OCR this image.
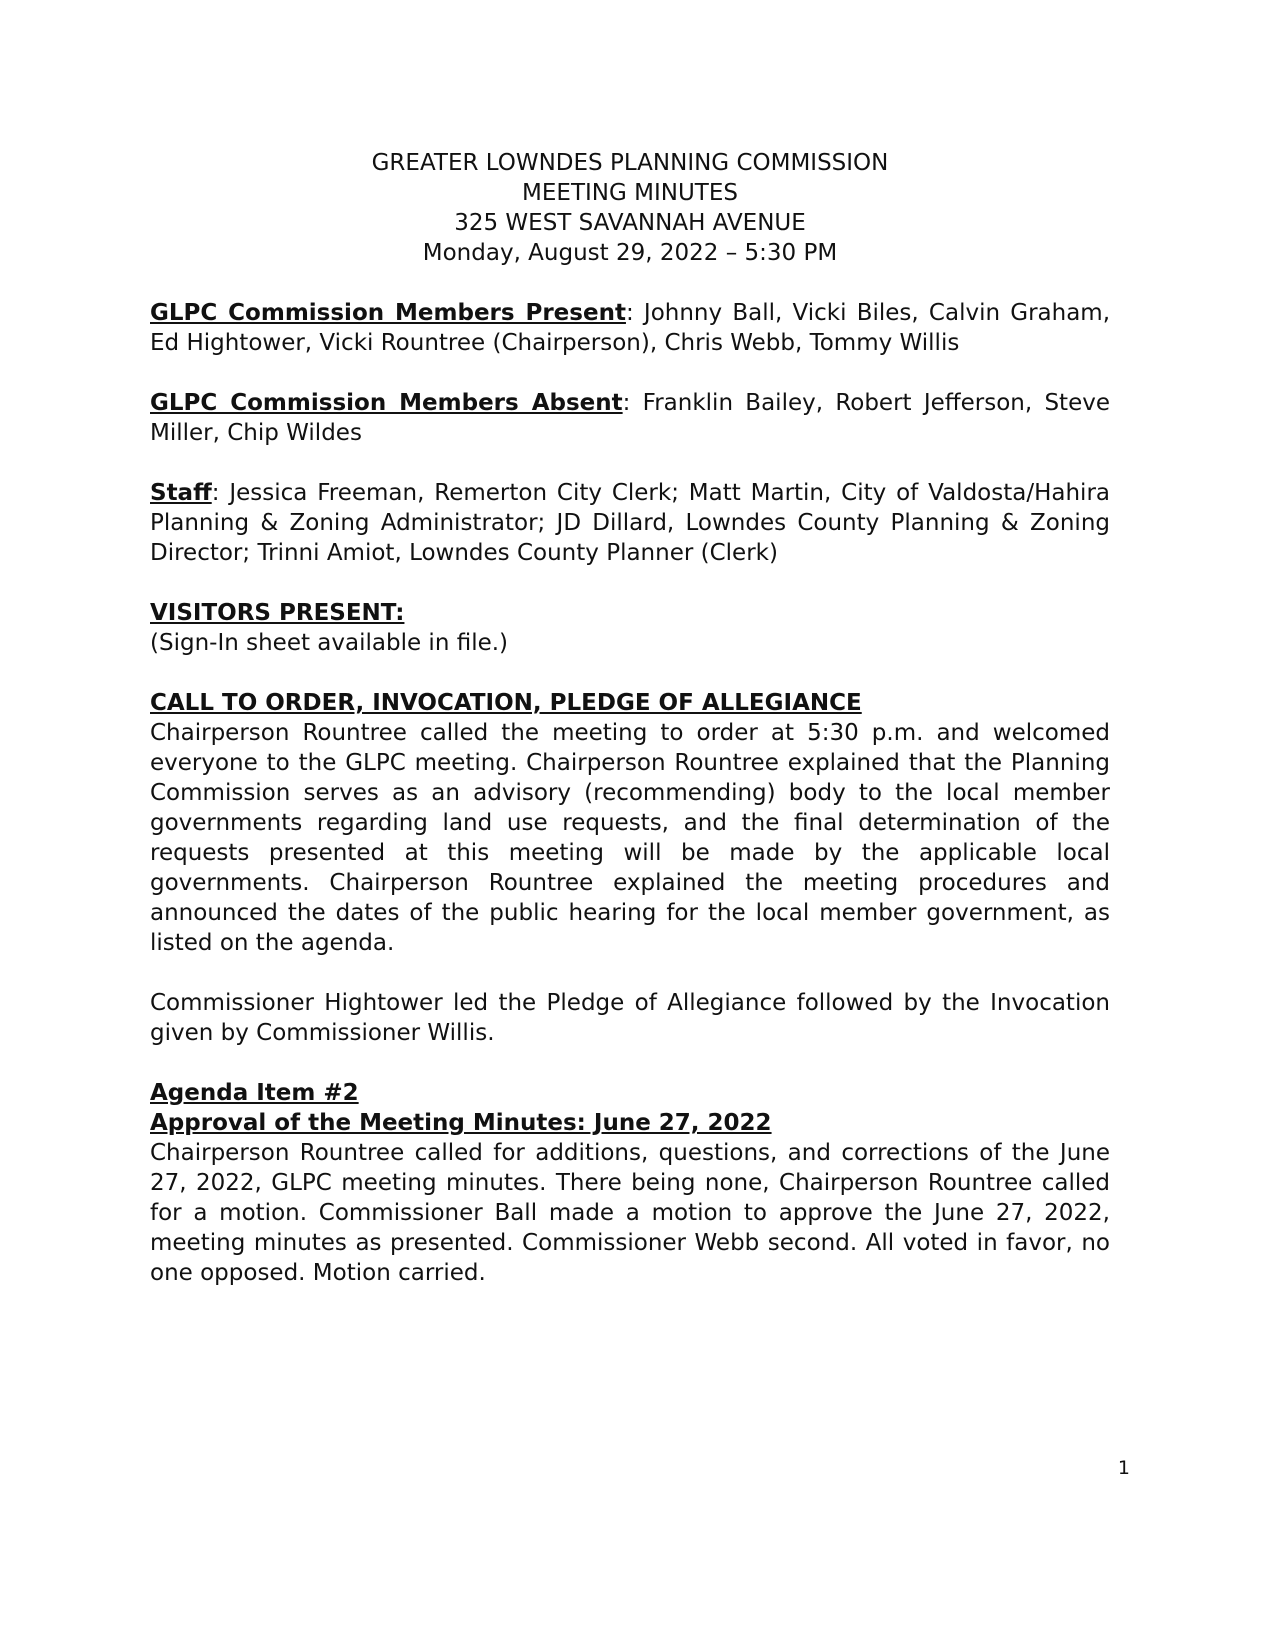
GREATER LOWNDES PLANNING COMMISSION
MEETING MINUTES
325 WEST SAVANNAH AVENUE
Monday, August 29, 2022 – 5:30 PM

GLPC Commission Members Present: Johnny Ball, Vicki Biles, Calvin Graham, Ed Hightower, Vicki Rountree (Chairperson), Chris Webb, Tommy Willis

GLPC Commission Members Absent: Franklin Bailey, Robert Jefferson, Steve Miller, Chip Wildes

Staff: Jessica Freeman, Remerton City Clerk; Matt Martin, City of Valdosta/Hahira Planning & Zoning Administrator; JD Dillard, Lowndes County Planning & Zoning Director; Trinni Amiot, Lowndes County Planner (Clerk)

VISITORS PRESENT:
(Sign-In sheet available in file.)
CALL TO ORDER, INVOCATION, PLEDGE OF ALLEGIANCE

Chairperson Rountree called the meeting to order at 5:30 p.m. and welcomed everyone to the GLPC meeting. Chairperson Rountree explained that the Planning Commission serves as an advisory (recommending) body to the local member governments regarding land use requests, and the final determination of the requests presented at this meeting will be made by the applicable local governments. Chairperson Rountree explained the meeting procedures and announced the dates of the public hearing for the local member government, as listed on the agenda.

Commissioner Hightower led the Pledge of Allegiance followed by the Invocation given by Commissioner Willis.

Agenda Item #2
Approval of the Meeting Minutes: June 27, 2022

Chairperson Rountree called for additions, questions, and corrections of the June 27, 2022, GLPC meeting minutes. There being none, Chairperson Rountree called for a motion. Commissioner Ball made a motion to approve the June 27, 2022, meeting minutes as presented. Commissioner Webb second. All voted in favor, no one opposed. Motion carried.

1
